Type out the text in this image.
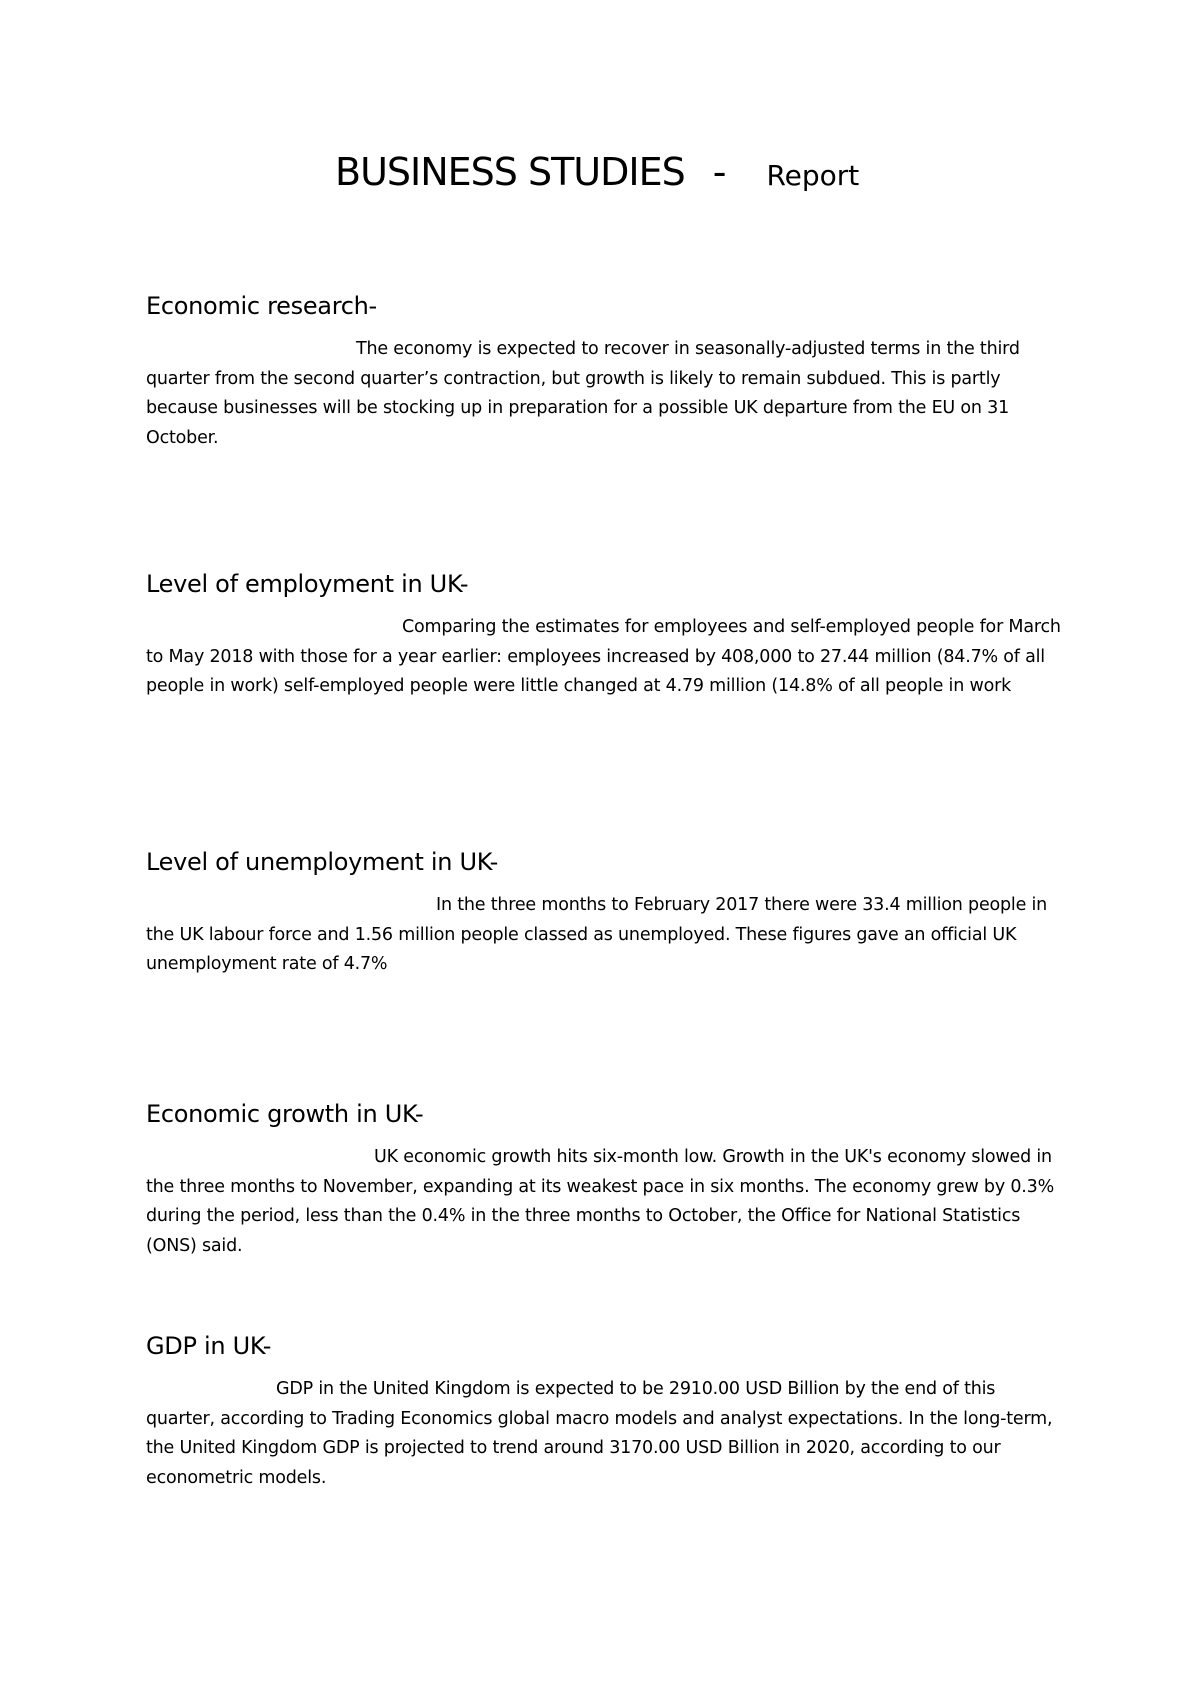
BUSINESS STUDIES - Report
Economic research-

The economy is expected to recover in seasonally-adjusted terms in the third quarter from the second quarter’s contraction, but growth is likely to remain subdued. This is partly because businesses will be stocking up in preparation for a possible UK departure from the EU on 31 October.

Level of employment in UK-

Comparing the estimates for employees and self-employed people for March to May 2018 with those for a year earlier: employees increased by 408,000 to 27.44 million (84.7% of all people in work) self-employed people were little changed at 4.79 million (14.8% of all people in work

Level of unemployment in UK-

In the three months to February 2017 there were 33.4 million people in the UK labour force and 1.56 million people classed as unemployed. These figures gave an official UK unemployment rate of 4.7%

Economic growth in UK-

UK economic growth hits six-month low. Growth in the UK's economy slowed in the three months to November, expanding at its weakest pace in six months. The economy grew by 0.3% during the period, less than the 0.4% in the three months to October, the Office for National Statistics (ONS) said.

GDP in UK-

GDP in the United Kingdom is expected to be 2910.00 USD Billion by the end of this quarter, according to Trading Economics global macro models and analyst expectations. In the long-term, the United Kingdom GDP is projected to trend around 3170.00 USD Billion in 2020, according to our econometric models.
